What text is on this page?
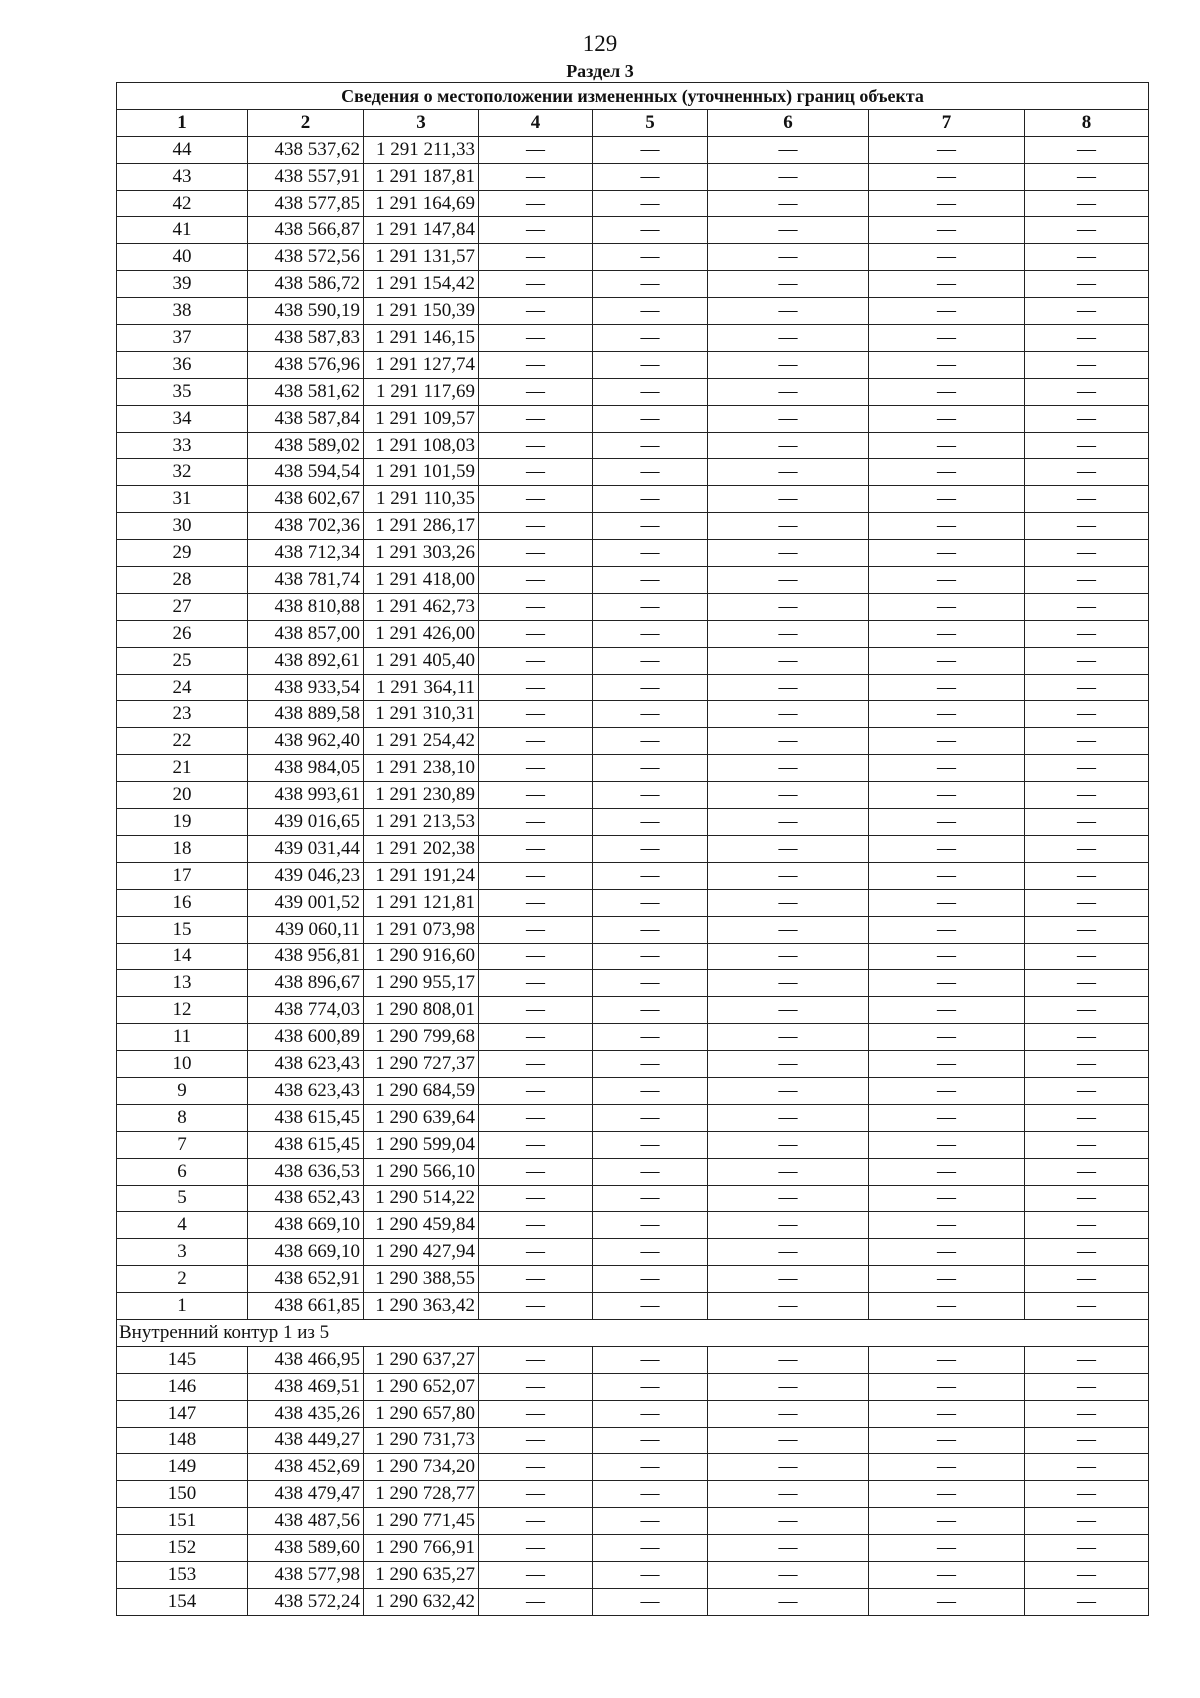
129
Раздел 3
Сведения о местоположении измененных (уточненных) границ объекта							
1	2	3	4	5	6	7	8
44	438 537,62	1 291 211,33	—	—	—	—	—
43	438 557,91	1 291 187,81	—	—	—	—	—
42	438 577,85	1 291 164,69	—	—	—	—	—
41	438 566,87	1 291 147,84	—	—	—	—	—
40	438 572,56	1 291 131,57	—	—	—	—	—
39	438 586,72	1 291 154,42	—	—	—	—	—
38	438 590,19	1 291 150,39	—	—	—	—	—
37	438 587,83	1 291 146,15	—	—	—	—	—
36	438 576,96	1 291 127,74	—	—	—	—	—
35	438 581,62	1 291 117,69	—	—	—	—	—
34	438 587,84	1 291 109,57	—	—	—	—	—
33	438 589,02	1 291 108,03	—	—	—	—	—
32	438 594,54	1 291 101,59	—	—	—	—	—
31	438 602,67	1 291 110,35	—	—	—	—	—
30	438 702,36	1 291 286,17	—	—	—	—	—
29	438 712,34	1 291 303,26	—	—	—	—	—
28	438 781,74	1 291 418,00	—	—	—	—	—
27	438 810,88	1 291 462,73	—	—	—	—	—
26	438 857,00	1 291 426,00	—	—	—	—	—
25	438 892,61	1 291 405,40	—	—	—	—	—
24	438 933,54	1 291 364,11	—	—	—	—	—
23	438 889,58	1 291 310,31	—	—	—	—	—
22	438 962,40	1 291 254,42	—	—	—	—	—
21	438 984,05	1 291 238,10	—	—	—	—	—
20	438 993,61	1 291 230,89	—	—	—	—	—
19	439 016,65	1 291 213,53	—	—	—	—	—
18	439 031,44	1 291 202,38	—	—	—	—	—
17	439 046,23	1 291 191,24	—	—	—	—	—
16	439 001,52	1 291 121,81	—	—	—	—	—
15	439 060,11	1 291 073,98	—	—	—	—	—
14	438 956,81	1 290 916,60	—	—	—	—	—
13	438 896,67	1 290 955,17	—	—	—	—	—
12	438 774,03	1 290 808,01	—	—	—	—	—
11	438 600,89	1 290 799,68	—	—	—	—	—
10	438 623,43	1 290 727,37	—	—	—	—	—
9	438 623,43	1 290 684,59	—	—	—	—	—
8	438 615,45	1 290 639,64	—	—	—	—	—
7	438 615,45	1 290 599,04	—	—	—	—	—
6	438 636,53	1 290 566,10	—	—	—	—	—
5	438 652,43	1 290 514,22	—	—	—	—	—
4	438 669,10	1 290 459,84	—	—	—	—	—
3	438 669,10	1 290 427,94	—	—	—	—	—
2	438 652,91	1 290 388,55	—	—	—	—	—
1	438 661,85	1 290 363,42	—	—	—	—	—
Внутренний контур 1 из 5							
145	438 466,95	1 290 637,27	—	—	—	—	—
146	438 469,51	1 290 652,07	—	—	—	—	—
147	438 435,26	1 290 657,80	—	—	—	—	—
148	438 449,27	1 290 731,73	—	—	—	—	—
149	438 452,69	1 290 734,20	—	—	—	—	—
150	438 479,47	1 290 728,77	—	—	—	—	—
151	438 487,56	1 290 771,45	—	—	—	—	—
152	438 589,60	1 290 766,91	—	—	—	—	—
153	438 577,98	1 290 635,27	—	—	—	—	—
154	438 572,24	1 290 632,42	—	—	—	—	—
